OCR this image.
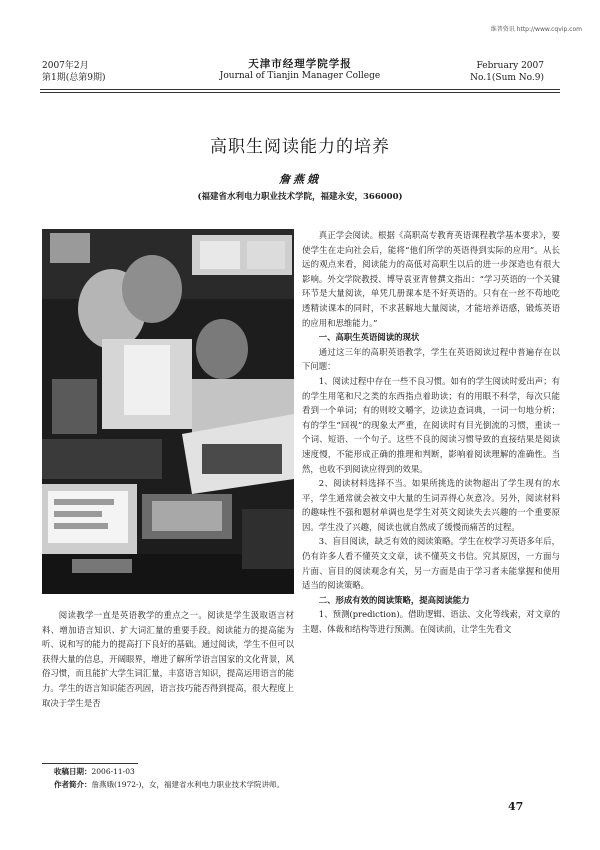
维普资讯 http://www.cqvip.com
2007年2月
第1期(总第9期)
天津市经理学院学报
Journal of Tianjin Manager College
February 2007
No.1(Sum No.9)
高职生阅读能力的培养
詹燕娥
(福建省水利电力职业技术学院，福建永安，366000)

阅读教学一直是英语教学的重点之一。阅读是学生汲取语言材料、增加语言知识、扩大词汇量的重要手段。阅读能力的提高能为听、说和写的能力的提高打下良好的基础。通过阅读，学生不但可以获得大量的信息，开阔眼界，增进了解所学语言国家的文化背景，风俗习惯，而且能扩大学生词汇量，丰富语言知识，提高运用语言的能力。学生的语言知识能否巩固，语言技巧能否得到提高，很大程度上取决于学生是否

真正学会阅读。根据《高职高专教育英语课程教学基本要求》，要使学生在走向社会后，能将“他们所学的英语得到实际的应用”。从长远的观点来看，阅读能力的高低对高职生以后的进一步深造也有很大影响。外交学院教授、博导袁亚青曾撰文指出：“学习英语的一个关键环节是大量阅读，单凭几册课本是不好英语的。只有在一丝不苟地吃透精读课本的同时，不求甚解地大量阅读，才能培养语感，锻炼英语的应用和思维能力。”

一、高职生英语阅读的现状

通过这三年的高职英语教学，学生在英语阅读过程中普遍存在以下问题：

1、阅读过程中存在一些不良习惯。如有的学生阅读时爱出声；有的学生用笔和尺之类的东西指点着助读；有的用眼不科学，每次只能看到一个单词；有的则咬文嚼字，边读边查词典，一词一句地分析；有的学生“回视”的现象太严重，在阅读时有目光倒流的习惯，重读一个词、短语、一个句子。这些不良的阅读习惯导致的直接结果是阅读速度慢，不能形成正确的推理和判断，影响着阅读理解的准确性。当然，也收不到阅读应得到的效果。

2、阅读材料选择不当。如果所挑选的读物超出了学生现有的水平，学生通常就会被文中大量的生词弄得心灰意冷。另外，阅读材料的趣味性不强和题材单调也是学生对英文阅读失去兴趣的一个重要原因。学生没了兴趣，阅读也就自然成了缓慢而痛苦的过程。

3、盲目阅读，缺乏有效的阅读策略。学生在校学习英语多年后，仍有许多人看不懂英文文章，读不懂英文书信。究其原因，一方面与片面、盲目的阅读观念有关，另一方面是由于学习者未能掌握和使用适当的阅读策略。

二、形成有效的阅读策略，提高阅读能力

1、预测(prediction)。借助逻辑、语法、文化等线索，对文章的主题、体裁和结构等进行预测。在阅读前，让学生先看文

收稿日期：2006-11-03
作者简介：詹燕娥(1972-)，女，福建省水利电力职业技术学院讲师。
47
